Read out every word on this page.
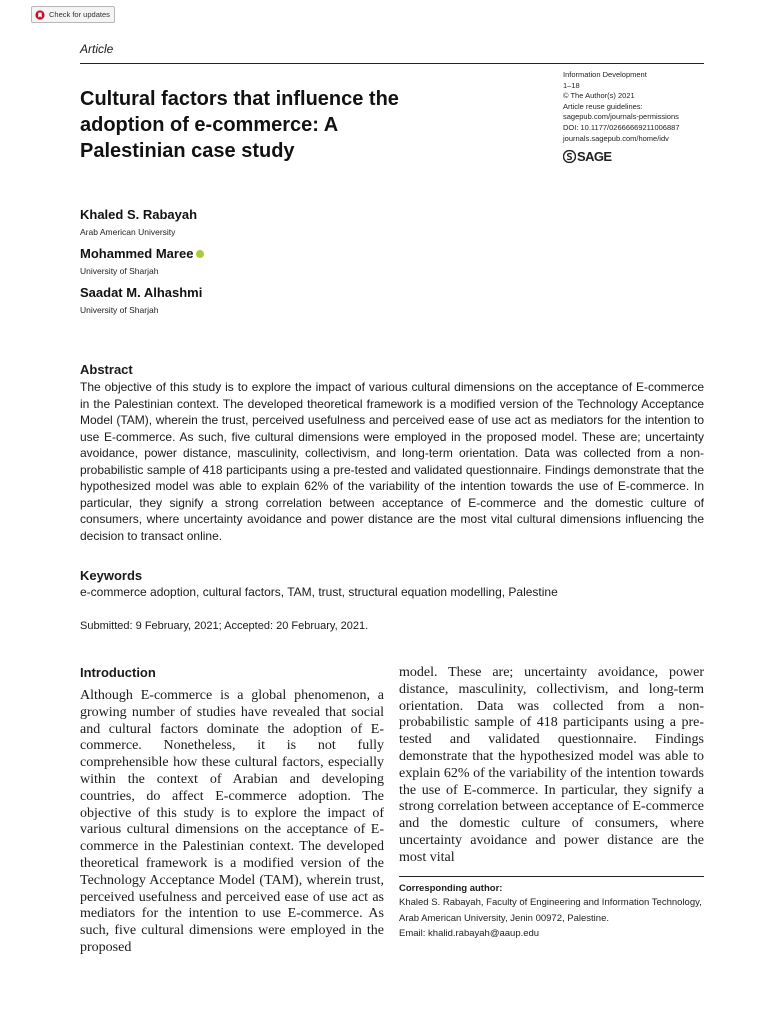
Check for updates
Article
Cultural factors that influence the adoption of e-commerce: A Palestinian case study
Information Development
1–18
© The Author(s) 2021
Article reuse guidelines:
sagepub.com/journals-permissions
DOI: 10.1177/02666669211006887
journals.sagepub.com/home/idv
SAGE
Khaled S. Rabayah
Arab American University
Mohammed Maree
University of Sharjah
Saadat M. Alhashmi
University of Sharjah
Abstract
The objective of this study is to explore the impact of various cultural dimensions on the acceptance of E-commerce in the Palestinian context. The developed theoretical framework is a modified version of the Technology Acceptance Model (TAM), wherein the trust, perceived usefulness and perceived ease of use act as mediators for the intention to use E-commerce. As such, five cultural dimensions were employed in the proposed model. These are; uncertainty avoidance, power distance, masculinity, collectivism, and long-term orientation. Data was collected from a non-probabilistic sample of 418 participants using a pre-tested and validated questionnaire. Findings demonstrate that the hypothesized model was able to explain 62% of the variability of the intention towards the use of E-commerce. In particular, they signify a strong correlation between acceptance of E-commerce and the domestic culture of consumers, where uncertainty avoidance and power distance are the most vital cultural dimensions influencing the decision to transact online.
Keywords
e-commerce adoption, cultural factors, TAM, trust, structural equation modelling, Palestine
Submitted: 9 February, 2021; Accepted: 20 February, 2021.
Introduction
Although E-commerce is a global phenomenon, a growing number of studies have revealed that social and cultural factors dominate the adoption of E-commerce. Nonetheless, it is not fully comprehensible how these cultural factors, especially within the context of Arabian and developing countries, do affect E-commerce adoption. The objective of this study is to explore the impact of various cultural dimensions on the acceptance of E-commerce in the Palestinian context. The developed theoretical framework is a modified version of the Technology Acceptance Model (TAM), wherein trust, perceived usefulness and perceived ease of use act as mediators for the intention to use E-commerce. As such, five cultural dimensions were employed in the proposed
model. These are; uncertainty avoidance, power distance, masculinity, collectivism, and long-term orientation. Data was collected from a non-probabilistic sample of 418 participants using a pre-tested and validated questionnaire. Findings demonstrate that the hypothesized model was able to explain 62% of the variability of the intention towards the use of E-commerce. In particular, they signify a strong correlation between acceptance of E-commerce and the domestic culture of consumers, where uncertainty avoidance and power distance are the most vital
Corresponding author:
Khaled S. Rabayah, Faculty of Engineering and Information Technology, Arab American University, Jenin 00972, Palestine.
Email: khalid.rabayah@aaup.edu
